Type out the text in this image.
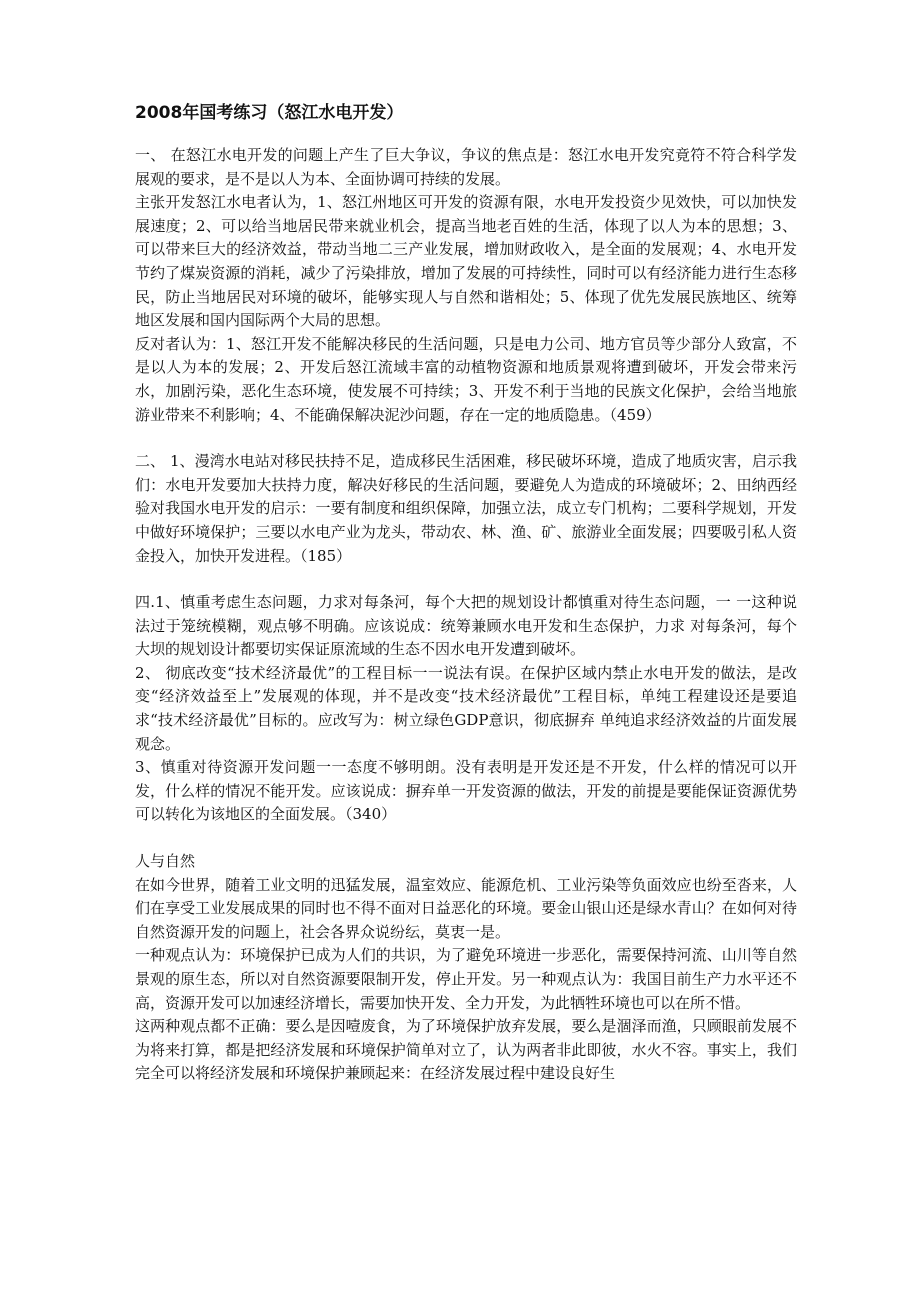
2008年国考练习（怒江水电开发）

一、 在怒江水电开发的问题上产生了巨大争议，争议的焦点是：怒江水电开发究竟符不符合科学发展观的要求，是不是以人为本、全面协调可持续的发展。

主张开发怒江水电者认为，1、怒江州地区可开发的资源有限，水电开发投资少见效快，可以加快发展速度；2、可以给当地居民带来就业机会，提高当地老百姓的生活，体现了以人为本的思想；3、可以带来巨大的经济效益，带动当地二三产业发展，增加财政收入，是全面的发展观；4、水电开发节约了煤炭资源的消耗，减少了污染排放，增加了发展的可持续性，同时可以有经济能力进行生态移民，防止当地居民对环境的破坏，能够实现人与自然和谐相处；5、体现了优先发展民族地区、统筹地区发展和国内国际两个大局的思想。

反对者认为：1、怒江开发不能解决移民的生活问题，只是电力公司、地方官员等少部分人致富，不是以人为本的发展；2、开发后怒江流域丰富的动植物资源和地质景观将遭到破坏，开发会带来污水，加剧污染，恶化生态环境，使发展不可持续；3、开发不利于当地的民族文化保护，会给当地旅游业带来不利影响；4、不能确保解决泥沙问题，存在一定的地质隐患。（459）

二、 1、漫湾水电站对移民扶持不足，造成移民生活困难，移民破坏环境，造成了地质灾害，启示我们：水电开发要加大扶持力度，解决好移民的生活问题，要避免人为造成的环境破坏；2、田纳西经验对我国水电开发的启示：一要有制度和组织保障，加强立法，成立专门机构；二要科学规划，开发中做好环境保护；三要以水电产业为龙头，带动农、林、渔、矿、旅游业全面发展；四要吸引私人资金投入，加快开发进程。（185）

四.1、慎重考虑生态问题，力求对每条河，每个大把的规划设计都慎重对待生态问题，一 一这种说法过于笼统模糊，观点够不明确。应该说成：统筹兼顾水电开发和生态保护，力求 对每条河，每个大坝的规划设计都要切实保证原流域的生态不因水电开发遭到破坏。

2、 彻底改变“技术经济最优”的工程目标一一说法有误。在保护区域内禁止水电开发的做法，是改变“经济效益至上”发展观的体现，并不是改变“技术经济最优”工程目标，单纯工程建设还是要追求“技术经济最优”目标的。应改写为：树立绿色GDP意识，彻底摒弃 单纯追求经济效益的片面发展观念。

3、慎重对待资源开发问题一一态度不够明朗。没有表明是开发还是不开发，什么样的情况可以开发，什么样的情况不能开发。应该说成：摒弃单一开发资源的做法，开发的前提是要能保证资源优势可以转化为该地区的全面发展。（340）

人与自然

在如今世界，随着工业文明的迅猛发展，温室效应、能源危机、工业污染等负面效应也纷至沓来，人们在享受工业发展成果的同时也不得不面对日益恶化的环境。要金山银山还是绿水青山？在如何对待自然资源开发的问题上，社会各界众说纷纭，莫衷一是。

一种观点认为：环境保护已成为人们的共识，为了避免环境进一步恶化，需要保持河流、山川等自然景观的原生态，所以对自然资源要限制开发，停止开发。另一种观点认为：我国目前生产力水平还不高，资源开发可以加速经济增长，需要加快开发、全力开发，为此牺牲环境也可以在所不惜。

这两种观点都不正确：要么是因噎废食，为了环境保护放弃发展，要么是涸泽而渔，只顾眼前发展不为将来打算，都是把经济发展和环境保护简单对立了，认为两者非此即彼，水火不容。事实上，我们完全可以将经济发展和环境保护兼顾起来：在经济发展过程中建设良好生
